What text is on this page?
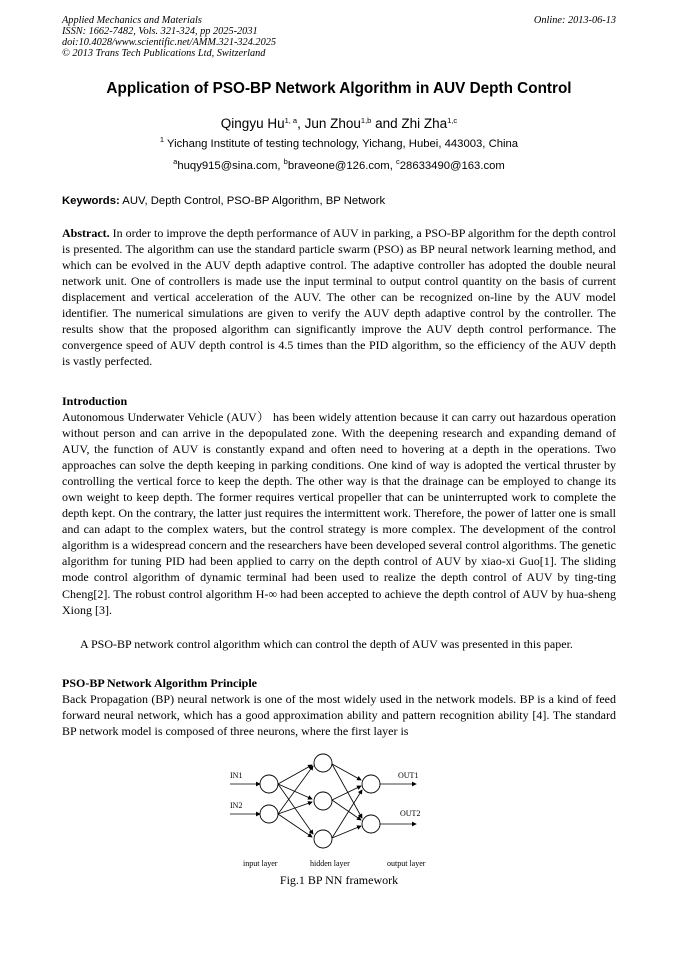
Applied Mechanics and Materials
ISSN: 1662-7482, Vols. 321-324, pp 2025-2031
doi:10.4028/www.scientific.net/AMM.321-324.2025
© 2013 Trans Tech Publications Ltd, Switzerland
Online: 2013-06-13
Application of PSO-BP Network Algorithm in AUV Depth Control
Qingyu Hu$^{1, a}$, Jun Zhou$^{1,b}$ and Zhi Zha$^{1,c}$
$^1$ Yichang Institute of testing technology, Yichang, Hubei, 443003, China
$^a$huqy915@sina.com, $^b$braveone@126.com, $^c$28633490@163.com
Keywords: AUV, Depth Control, PSO-BP Algorithm, BP Network
Abstract. In order to improve the depth performance of AUV in parking, a PSO-BP algorithm for the depth control is presented. The algorithm can use the standard particle swarm (PSO) as BP neural network learning method, and which can be evolved in the AUV depth adaptive control. The adaptive controller has adopted the double neural network unit. One of controllers is made use the input terminal to output control quantity on the basis of current displacement and vertical acceleration of the AUV. The other can be recognized on-line by the AUV model identifier. The numerical simulations are given to verify the AUV depth adaptive control by the controller. The results show that the proposed algorithm can significantly improve the AUV depth control performance. The convergence speed of AUV depth control is 4.5 times than the PID algorithm, so the efficiency of the AUV depth is vastly perfected.
Introduction
Autonomous Underwater Vehicle (AUV） has been widely attention because it can carry out hazardous operation without person and can arrive in the depopulated zone. With the deepening research and expanding demand of AUV, the function of AUV is constantly expand and often need to hovering at a depth in the operations. Two approaches can solve the depth keeping in parking conditions. One kind of way is adopted the vertical thruster by controlling the vertical force to keep the depth. The other way is that the drainage can be employed to change its own weight to keep depth. The former requires vertical propeller that can be uninterrupted work to complete the depth kept. On the contrary, the latter just requires the intermittent work. Therefore, the power of latter one is small and can adapt to the complex waters, but the control strategy is more complex. The development of the control algorithm is a widespread concern and the researchers have been developed several control algorithms. The genetic algorithm for tuning PID had been applied to carry on the depth control of AUV by xiao-xi Guo[1]. The sliding mode control algorithm of dynamic terminal had been used to realize the depth control of AUV by ting-ting Cheng[2]. The robust control algorithm H-∞ had been accepted to achieve the depth control of AUV by hua-sheng Xiong [3].
A PSO-BP network control algorithm which can control the depth of AUV was presented in this paper.
PSO-BP Network Algorithm Principle
Back Propagation (BP) neural network is one of the most widely used in the network models. BP is a kind of feed forward neural network, which has a good approximation ability and pattern recognition ability [4]. The standard BP network model is composed of three neurons, where the first layer is
IN1
IN2
OUT1
OUT2
input layer	hidden layer	output layer
Fig.1 BP NN framework
